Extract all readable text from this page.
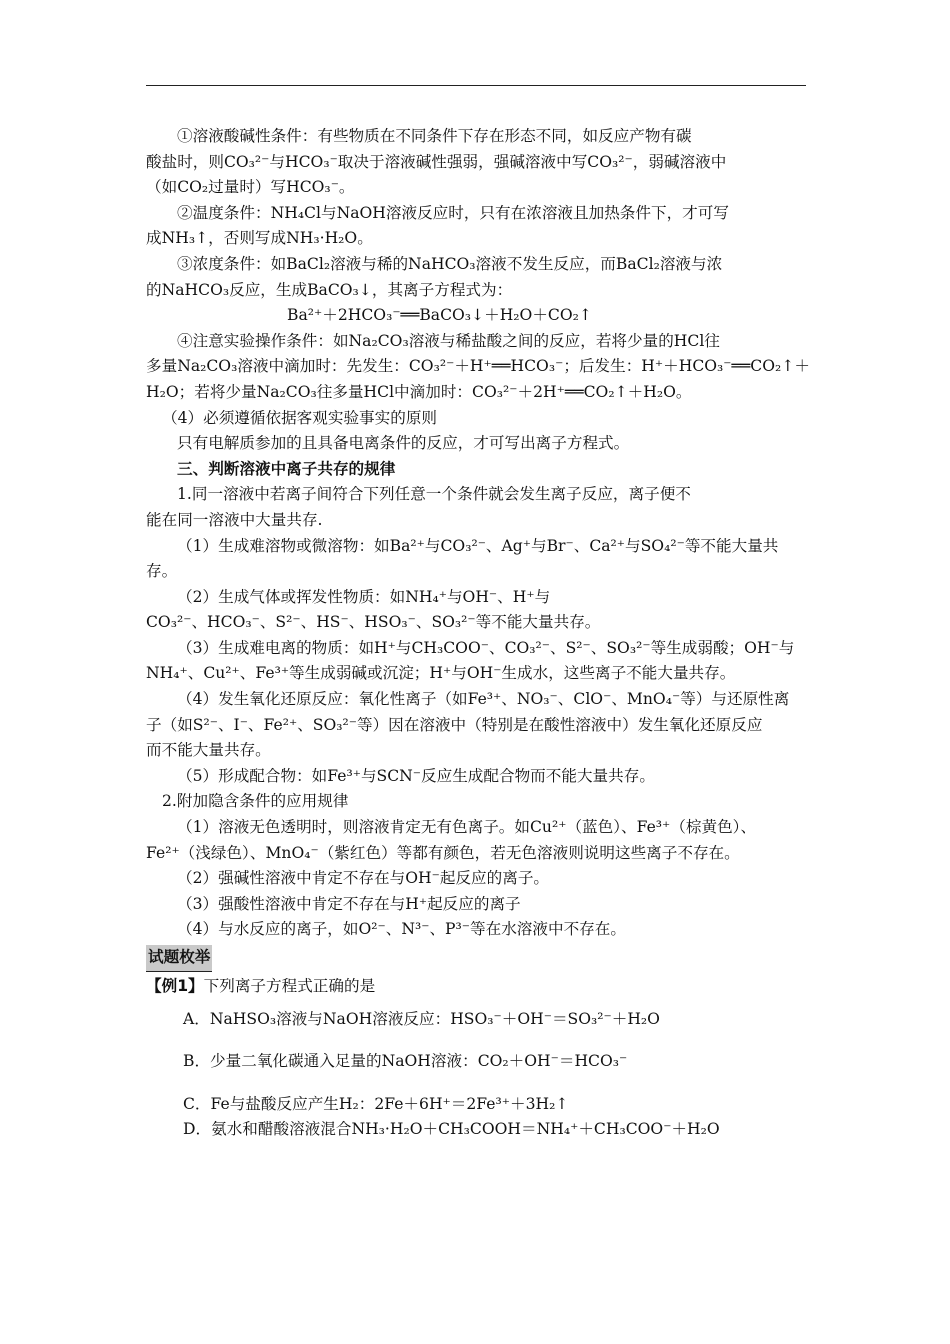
①溶液酸碱性条件：有些物质在不同条件下存在形态不同，如反应产物有碳
酸盐时，则CO₃²⁻与HCO₃⁻取决于溶液碱性强弱，强碱溶液中写CO₃²⁻，弱碱溶液中
（如CO₂过量时）写HCO₃⁻。
②温度条件：NH₄Cl与NaOH溶液反应时，只有在浓溶液且加热条件下，才可写
成NH₃↑，否则写成NH₃·H₂O。
③浓度条件：如BaCl₂溶液与稀的NaHCO₃溶液不发生反应，而BaCl₂溶液与浓
的NaHCO₃反应，生成BaCO₃↓，其离子方程式为：
Ba²⁺＋2HCO₃⁻══BaCO₃↓＋H₂O＋CO₂↑
④注意实验操作条件：如Na₂CO₃溶液与稀盐酸之间的反应，若将少量的HCl往
多量Na₂CO₃溶液中滴加时：先发生：CO₃²⁻＋H⁺══HCO₃⁻；后发生：H⁺＋HCO₃⁻══CO₂↑＋
H₂O；若将少量Na₂CO₃往多量HCl中滴加时：CO₃²⁻＋2H⁺══CO₂↑＋H₂O。
（4）必须遵循依据客观实验事实的原则
只有电解质参加的且具备电离条件的反应，才可写出离子方程式。
三、判断溶液中离子共存的规律
1.同一溶液中若离子间符合下列任意一个条件就会发生离子反应，离子便不
能在同一溶液中大量共存.
（1）生成难溶物或微溶物：如Ba²⁺与CO₃²⁻、Ag⁺与Br⁻、Ca²⁺与SO₄²⁻等不能大量共
存。
（2）生成气体或挥发性物质：如NH₄⁺与OH⁻、H⁺与
CO₃²⁻、HCO₃⁻、S²⁻、HS⁻、HSO₃⁻、SO₃²⁻等不能大量共存。
（3）生成难电离的物质：如H⁺与CH₃COO⁻、CO₃²⁻、S²⁻、SO₃²⁻等生成弱酸；OH⁻与
NH₄⁺、Cu²⁺、Fe³⁺等生成弱碱或沉淀；H⁺与OH⁻生成水，这些离子不能大量共存。
（4）发生氧化还原反应：氧化性离子（如Fe³⁺、NO₃⁻、ClO⁻、MnO₄⁻等）与还原性离
子（如S²⁻、I⁻、Fe²⁺、SO₃²⁻等）因在溶液中（特别是在酸性溶液中）发生氧化还原反应
而不能大量共存。
（5）形成配合物：如Fe³⁺与SCN⁻反应生成配合物而不能大量共存。
2.附加隐含条件的应用规律
（1）溶液无色透明时，则溶液肯定无有色离子。如Cu²⁺（蓝色）、Fe³⁺（棕黄色）、
Fe²⁺（浅绿色）、MnO₄⁻（紫红色）等都有颜色，若无色溶液则说明这些离子不存在。
（2）强碱性溶液中肯定不存在与OH⁻起反应的离子。
（3）强酸性溶液中肯定不存在与H⁺起反应的离子
（4）与水反应的离子，如O²⁻、N³⁻、P³⁻等在水溶液中不存在。
试题枚举
【例1】下列离子方程式正确的是
A．NaHSO₃溶液与NaOH溶液反应：HSO₃⁻＋OH⁻＝SO₃²⁻＋H₂O
B．少量二氧化碳通入足量的NaOH溶液：CO₂＋OH⁻＝HCO₃⁻
C．Fe与盐酸反应产生H₂：2Fe＋6H⁺＝2Fe³⁺＋3H₂↑
D．氨水和醋酸溶液混合NH₃·H₂O＋CH₃COOH＝NH₄⁺＋CH₃COO⁻＋H₂O
